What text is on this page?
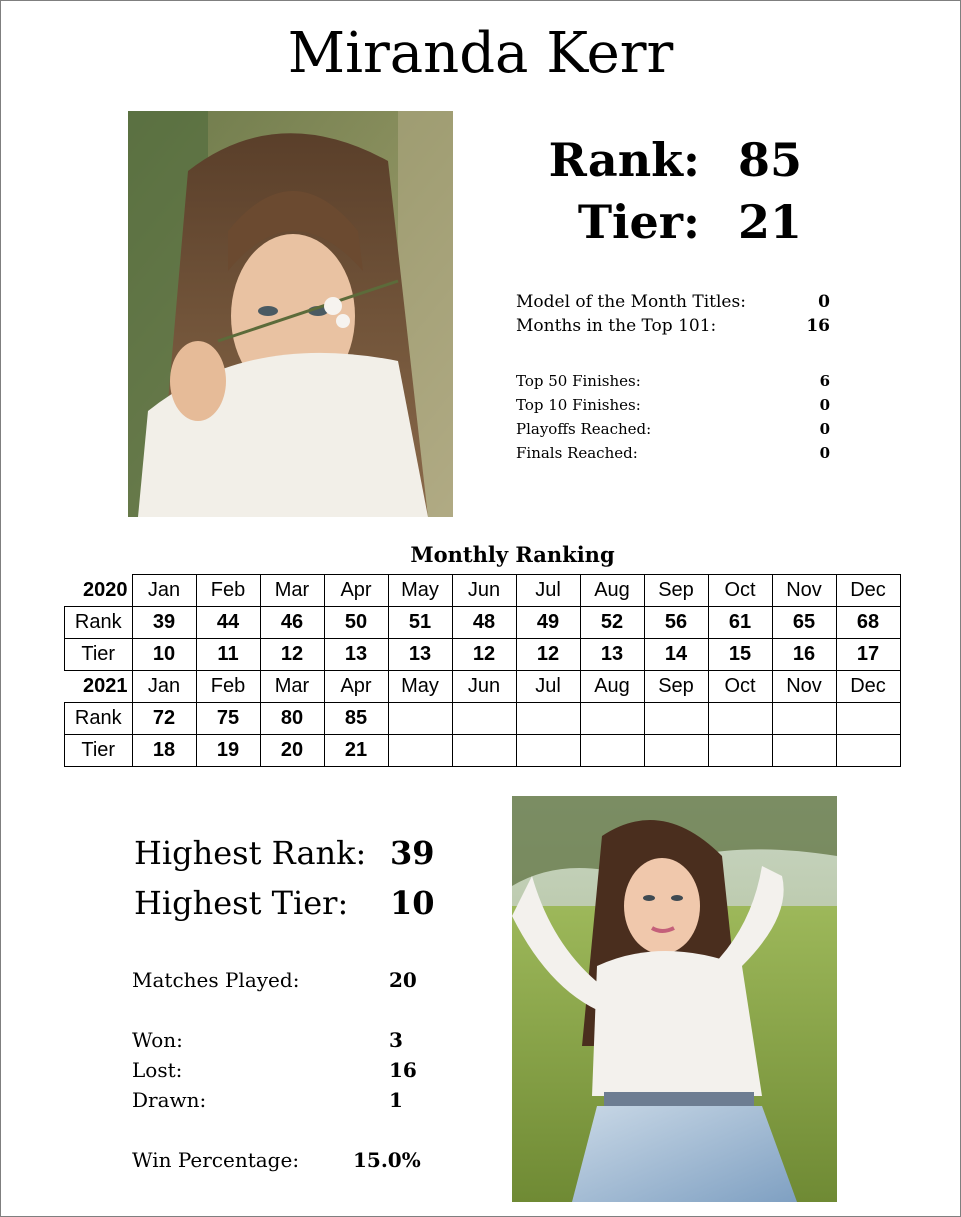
Miranda Kerr
Rank: 85
Tier: 21
Model of the Month Titles:	0
Months in the Top 101:	16
Top 50 Finishes:	6
Top 10 Finishes:	0
Playoffs Reached:	0
Finals Reached:	0
Monthly Ranking
2020	Jan	Feb	Mar	Apr	May	Jun	Jul	Aug	Sep	Oct	Nov	Dec
Rank	39	44	46	50	51	48	49	52	56	61	65	68
Tier	10	11	12	13	13	12	12	13	14	15	16	17
2021	Jan	Feb	Mar	Apr	May	Jun	Jul	Aug	Sep	Oct	Nov	Dec
Rank	72	75	80	85								
Tier	18	19	20	21								
Highest Rank: 39
Highest Tier: 10
Matches Played:	20
Won:	3
Lost:	16
Drawn:	1
Win Percentage:	15.0%
